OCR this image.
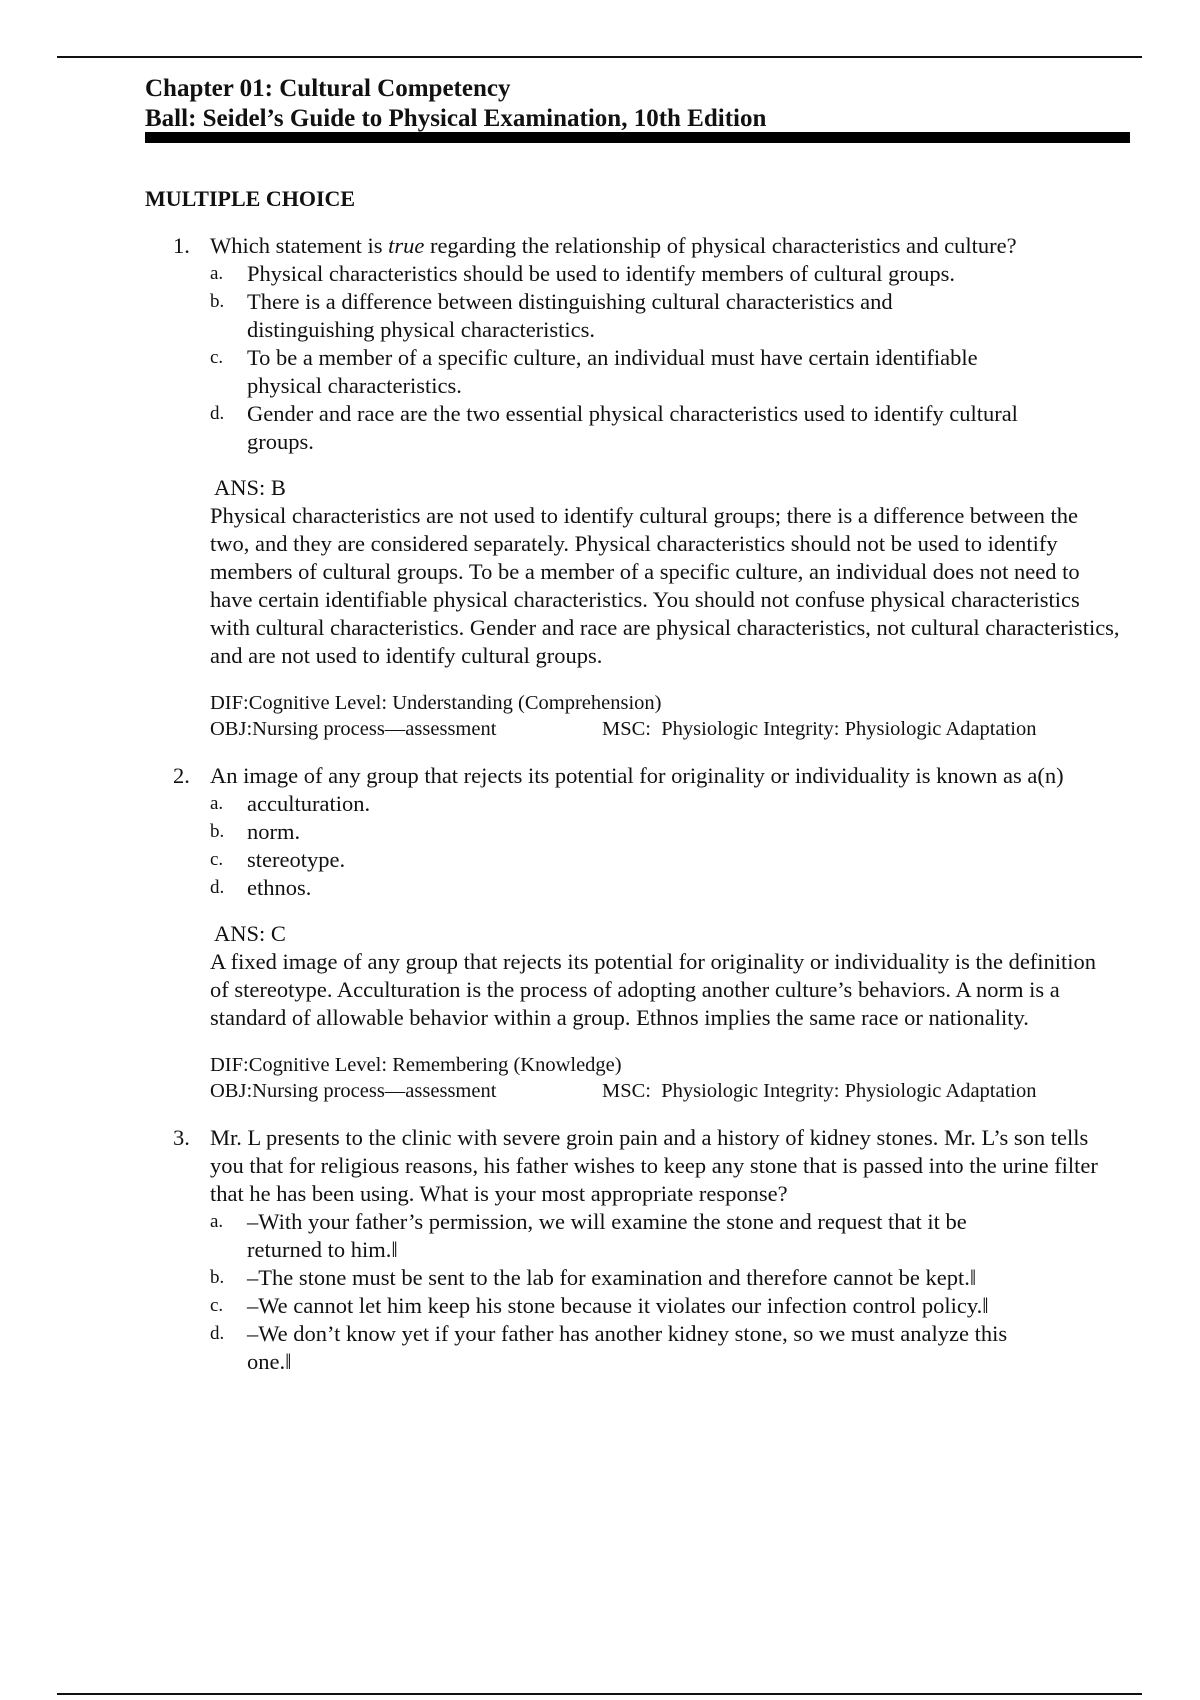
Chapter 01: Cultural Competency
Ball: Seidel’s Guide to Physical Examination, 10th Edition
MULTIPLE CHOICE
1. Which statement is true regarding the relationship of physical characteristics and culture?
a. Physical characteristics should be used to identify members of cultural groups.
b. There is a difference between distinguishing cultural characteristics and distinguishing physical characteristics.
c. To be a member of a specific culture, an individual must have certain identifiable physical characteristics.
d. Gender and race are the two essential physical characteristics used to identify cultural groups.
ANS: B
Physical characteristics are not used to identify cultural groups; there is a difference between the two, and they are considered separately. Physical characteristics should not be used to identify members of cultural groups. To be a member of a specific culture, an individual does not need to have certain identifiable physical characteristics. You should not confuse physical characteristics with cultural characteristics. Gender and race are physical characteristics, not cultural characteristics, and are not used to identify cultural groups.
DIF:Cognitive Level: Understanding (Comprehension)
OBJ:Nursing process—assessment	MSC:  Physiologic Integrity: Physiologic Adaptation
2. An image of any group that rejects its potential for originality or individuality is known as a(n)
a. acculturation.
b. norm.
c. stereotype.
d. ethnos.
ANS: C
A fixed image of any group that rejects its potential for originality or individuality is the definition of stereotype. Acculturation is the process of adopting another culture’s behaviors. A norm is a standard of allowable behavior within a group. Ethnos implies the same race or nationality.
DIF:Cognitive Level: Remembering (Knowledge)
OBJ:Nursing process—assessment	MSC:  Physiologic Integrity: Physiologic Adaptation
3. Mr. L presents to the clinic with severe groin pain and a history of kidney stones. Mr. L’s son tells you that for religious reasons, his father wishes to keep any stone that is passed into the urine filter that he has been using. What is your most appropriate response?
a. –With your father’s permission, we will examine the stone and request that it be returned to him.‖
b. –The stone must be sent to the lab for examination and therefore cannot be kept.‖
c. –We cannot let him keep his stone because it violates our infection control policy.‖
d. –We don’t know yet if your father has another kidney stone, so we must analyze this one.‖
